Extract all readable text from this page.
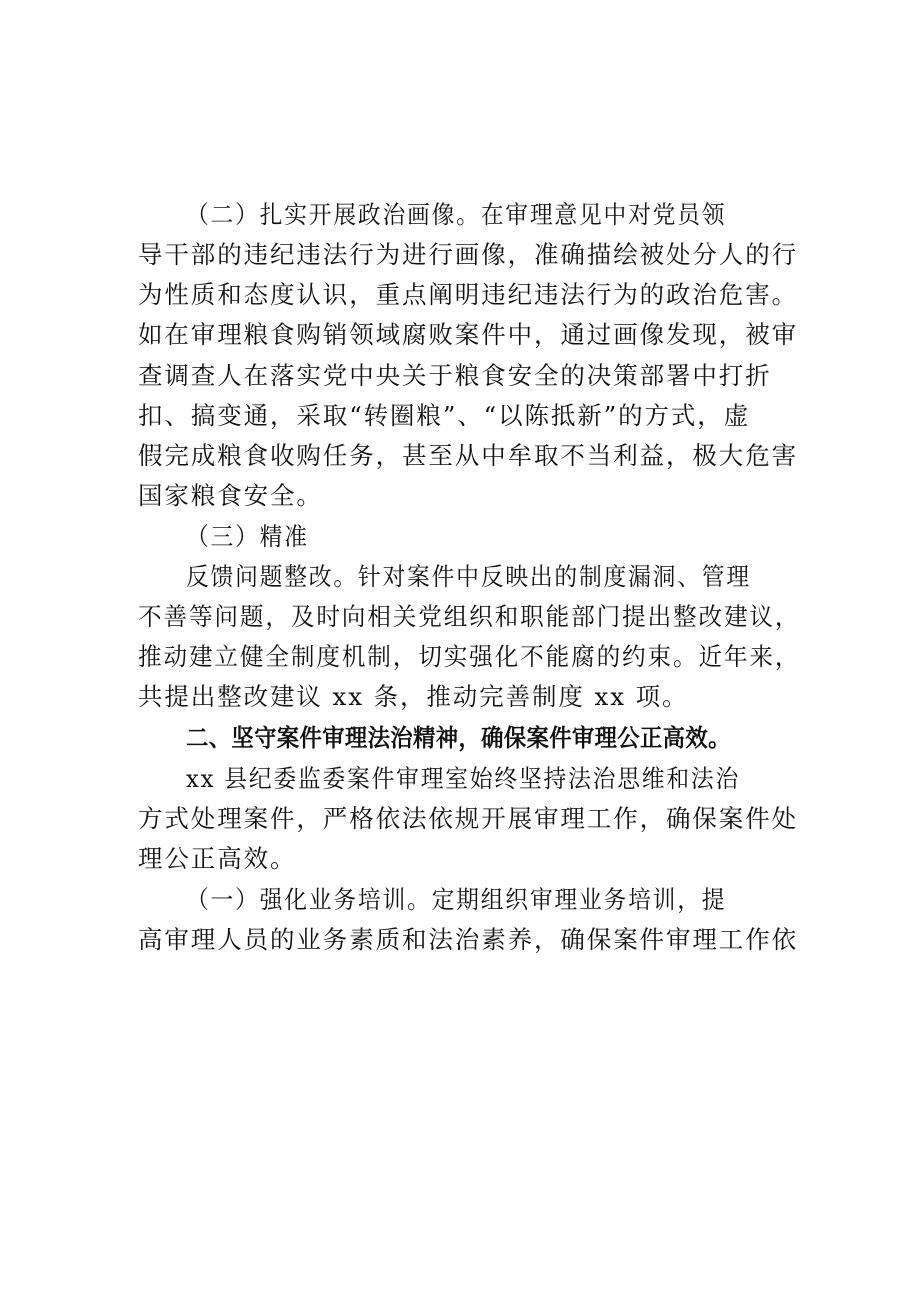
（二）扎实开展政治画像。在审理意见中对党员领
导干部的违纪违法行为进行画像，准确描绘被处分人的行
为性质和态度认识，重点阐明违纪违法行为的政治危害。
如在审理粮食购销领域腐败案件中，通过画像发现，被审
查调查人在落实党中央关于粮食安全的决策部署中打折
扣、搞变通，采取“转圈粮”、“以陈抵新”的方式，虚
假完成粮食收购任务，甚至从中牟取不当利益，极大危害
国家粮食安全。
（三）精准
反馈问题整改。针对案件中反映出的制度漏洞、管理
不善等问题，及时向相关党组织和职能部门提出整改建议，
推动建立健全制度机制，切实强化不能腐的约束。近年来，
共提出整改建议 xx 条，推动完善制度 xx 项。
二、坚守案件审理法治精神，确保案件审理公正高效。
xx 县纪委监委案件审理室始终坚持法治思维和法治
方式处理案件，严格依法依规开展审理工作，确保案件处
理公正高效。
（一）强化业务培训。定期组织审理业务培训，提
高审理人员的业务素质和法治素养，确保案件审理工作依
